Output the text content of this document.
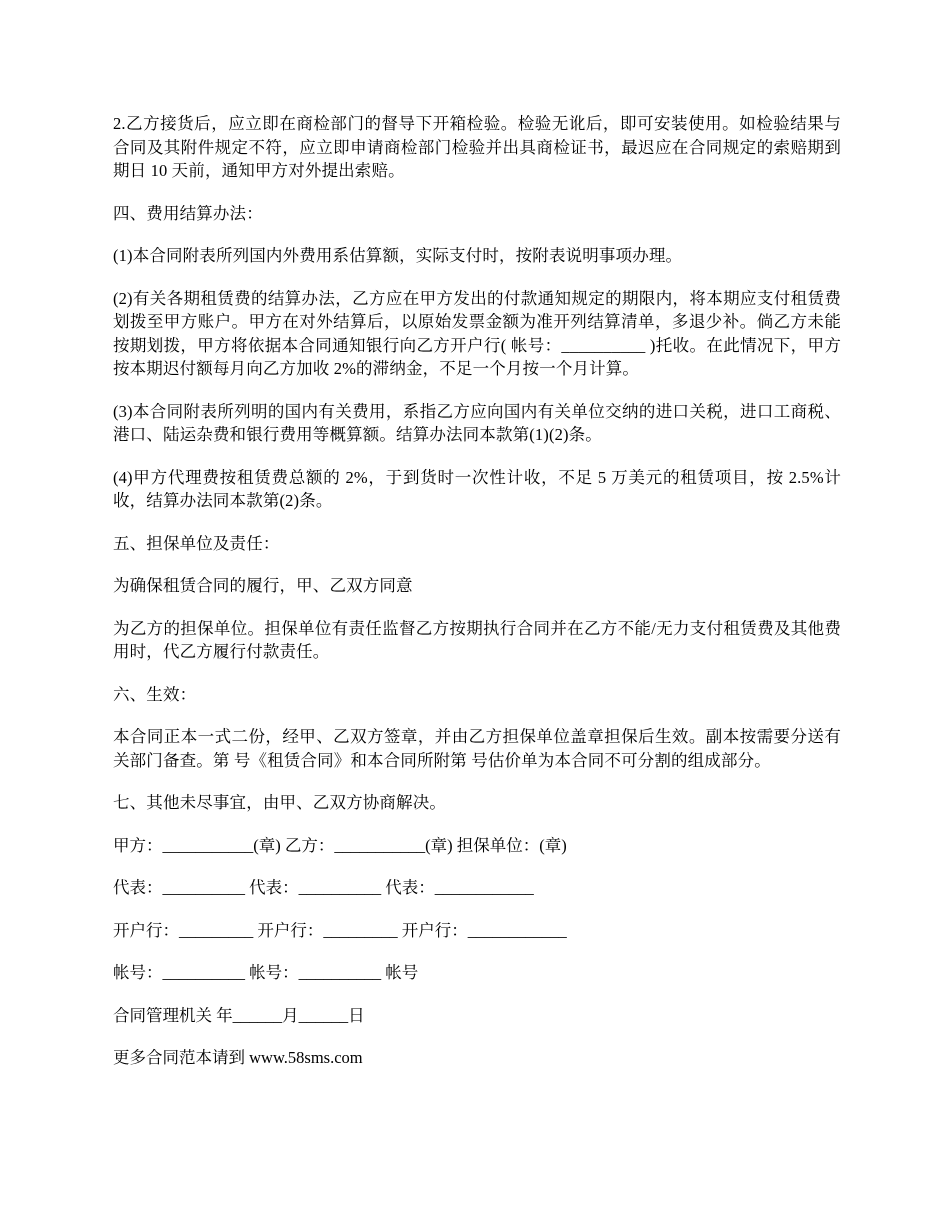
2.乙方接货后，应立即在商检部门的督导下开箱检验。检验无讹后，即可安装使用。如检验结果与合同及其附件规定不符，应立即申请商检部门检验并出具商检证书，最迟应在合同规定的索赔期到期日 10 天前，通知甲方对外提出索赔。

四、费用结算办法：

(1)本合同附表所列国内外费用系估算额，实际支付时，按附表说明事项办理。

(2)有关各期租赁费的结算办法，乙方应在甲方发出的付款通知规定的期限内，将本期应支付租赁费划拨至甲方账户。甲方在对外结算后，以原始发票金额为准开列结算清单，多退少补。倘乙方未能按期划拨，甲方将依据本合同通知银行向乙方开户行( 帐号：__________ )托收。在此情况下，甲方按本期迟付额每月向乙方加收 2%的滞纳金，不足一个月按一个月计算。

(3)本合同附表所列明的国内有关费用，系指乙方应向国内有关单位交纳的进口关税，进口工商税、港口、陆运杂费和银行费用等概算额。结算办法同本款第(1)(2)条。

(4)甲方代理费按租赁费总额的 2%，于到货时一次性计收，不足 5 万美元的租赁项目，按 2.5%计收，结算办法同本款第(2)条。

五、担保单位及责任：

为确保租赁合同的履行，甲、乙双方同意

为乙方的担保单位。担保单位有责任监督乙方按期执行合同并在乙方不能/无力支付租赁费及其他费用时，代乙方履行付款责任。

六、生效：

本合同正本一式二份，经甲、乙双方签章，并由乙方担保单位盖章担保后生效。副本按需要分送有关部门备查。第 号《租赁合同》和本合同所附第 号估价单为本合同不可分割的组成部分。

七、其他未尽事宜，由甲、乙双方协商解决。

甲方：___________(章) 乙方：___________(章) 担保单位：(章)

代表：__________ 代表：__________ 代表：____________

开户行：_________ 开户行：_________ 开户行：____________

帐号：__________ 帐号：__________ 帐号

合同管理机关 年______月______日

更多合同范本请到 www.58sms.com
